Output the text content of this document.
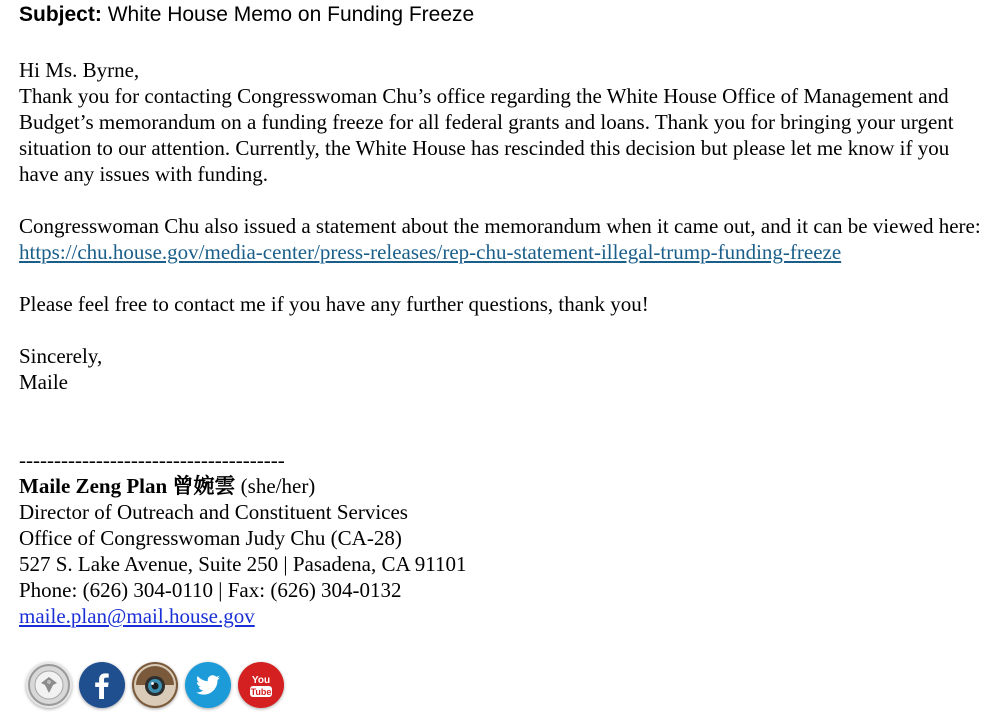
Subject: White House Memo on Funding Freeze

Hi Ms. Byrne,

Thank you for contacting Congresswoman Chu’s office regarding the White House Office of Management and Budget’s memorandum on a funding freeze for all federal grants and loans. Thank you for bringing your urgent situation to our attention. Currently, the White House has rescinded this decision but please let me know if you have any issues with funding.

Congresswoman Chu also issued a statement about the memorandum when it came out, and it can be viewed here: https://chu.house.gov/media-center/press-releases/rep-chu-statement-illegal-trump-funding-freeze

Please feel free to contact me if you have any further questions, thank you!

Sincerely,

Maile

--------------------------------------

Maile Zeng Plan 曾婉雲 (she/her)

Director of Outreach and Constituent Services

Office of Congresswoman Judy Chu (CA-28)

527 S. Lake Avenue, Suite 250 | Pasadena, CA 91101

Phone: (626) 304-0110 | Fax: (626) 304-0132

maile.plan@mail.house.gov

You
Tube
